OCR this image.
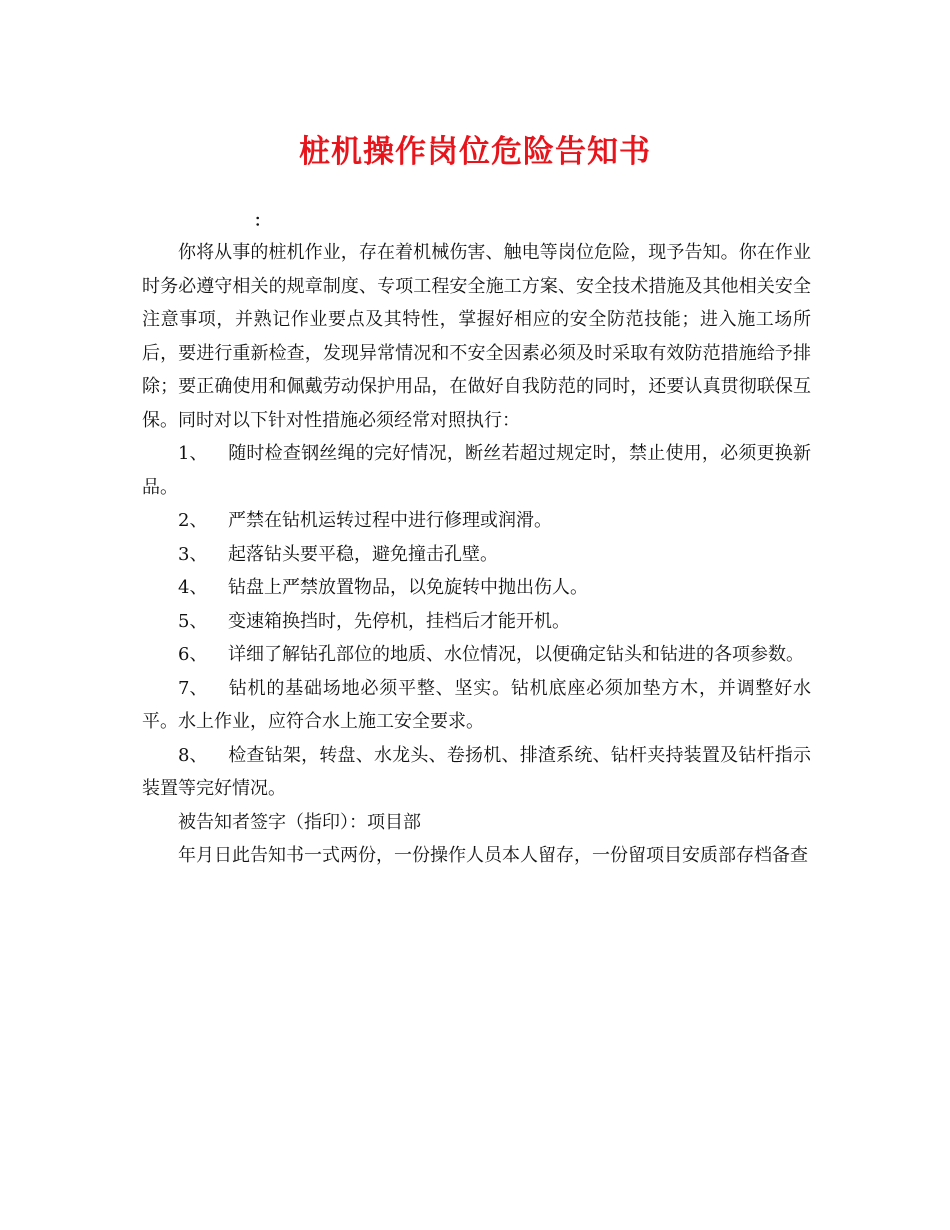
桩机操作岗位危险告知书

：

你将从事的桩机作业，存在着机械伤害、触电等岗位危险，现予告知。你在作业时务必遵守相关的规章制度、专项工程安全施工方案、安全技术措施及其他相关安全注意事项，并熟记作业要点及其特性，掌握好相应的安全防范技能；进入施工场所后，要进行重新检查，发现异常情况和不安全因素必须及时采取有效防范措施给予排除；要正确使用和佩戴劳动保护用品，在做好自我防范的同时，还要认真贯彻联保互保。同时对以下针对性措施必须经常对照执行：

1、 随时检查钢丝绳的完好情况，断丝若超过规定时，禁止使用，必须更换新品。

2、 严禁在钻机运转过程中进行修理或润滑。

3、 起落钻头要平稳，避免撞击孔壁。

4、 钻盘上严禁放置物品，以免旋转中抛出伤人。

5、 变速箱换挡时，先停机，挂档后才能开机。

6、 详细了解钻孔部位的地质、水位情况，以便确定钻头和钻进的各项参数。

7、 钻机的基础场地必须平整、坚实。钻机底座必须加垫方木，并调整好水平。水上作业，应符合水上施工安全要求。

8、 检查钻架，转盘、水龙头、卷扬机、排渣系统、钻杆夹持装置及钻杆指示装置等完好情况。

被告知者签字（指印）：项目部

年月日此告知书一式两份，一份操作人员本人留存，一份留项目安质部存档备查
